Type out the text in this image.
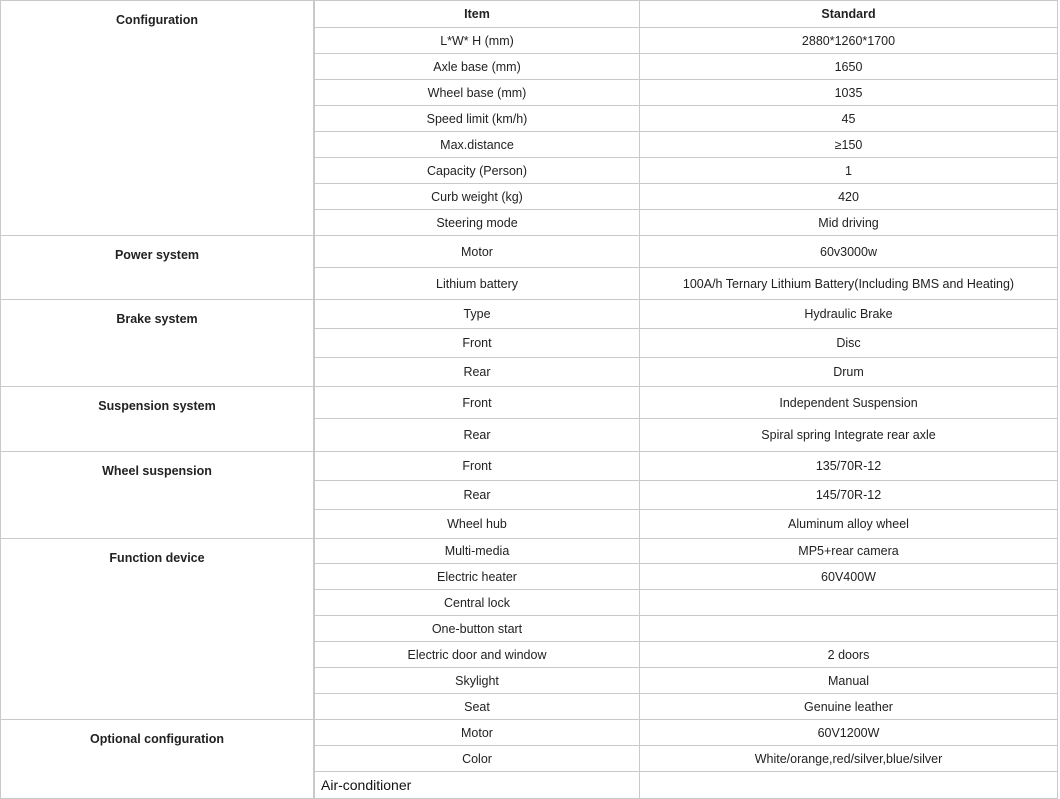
Item	Standard
Configuration
L*W* H (mm)	2880*1260*1700
Axle base (mm)	1650
Wheel base (mm)	1035
Speed limit (km/h)	45
Max.distance	≥150
Capacity (Person)	1
Curb weight (kg)	420
Steering mode	Mid driving
Power system	Motor	60v3000w
Lithium battery	100A/h Ternary Lithium Battery(Including BMS and Heating)
Brake system	Type	Hydraulic Brake
Front	Disc
Rear	Drum
Suspension system	Front	Independent Suspension
Rear	Spiral spring Integrate rear axle
Wheel suspension	Front	135/70R-12
Rear	145/70R-12
Wheel hub	Aluminum alloy wheel
Function device	Multi-media	MP5+rear camera
Electric heater	60V400W
Central lock
One-button start
Electric door and window	2 doors
Skylight	Manual
Seat	Genuine leather
Optional configuration	Motor	60V1200W
Color	White/orange,red/silver,blue/silver
Air-conditioner
